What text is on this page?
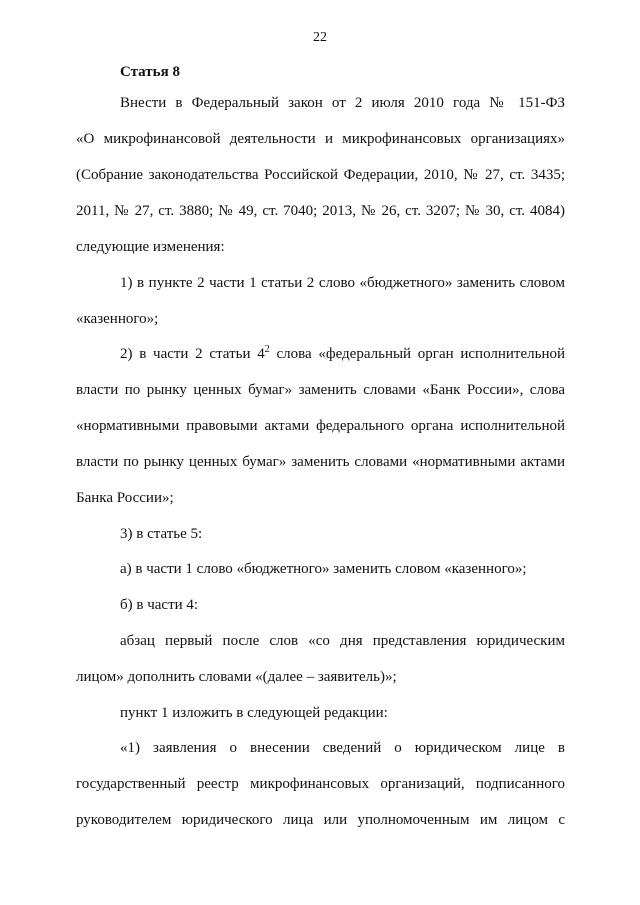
22
Статья 8
Внести в Федеральный закон от 2 июля 2010 года № 151-ФЗ
«О микрофинансовой деятельности и микрофинансовых организациях»
(Собрание законодательства Российской Федерации, 2010, № 27, ст. 3435;
2011, № 27, ст. 3880; № 49, ст. 7040; 2013, № 26, ст. 3207; № 30, ст. 4084)
следующие изменения:
1) в пункте 2 части 1 статьи 2 слово «бюджетного» заменить словом
«казенного»;
2) в части 2 статьи $4^2$ слова «федеральный орган исполнительной
власти по рынку ценных бумаг» заменить словами «Банк России», слова
«нормативными правовыми актами федерального органа исполнительной
власти по рынку ценных бумаг» заменить словами «нормативными актами
Банка России»;
3) в статье 5:
а) в части 1 слово «бюджетного» заменить словом «казенного»;
б) в части 4:
абзац первый после слов «со дня представления юридическим
лицом» дополнить словами «(далее – заявитель)»;
пункт 1 изложить в следующей редакции:
«1) заявления о внесении сведений о юридическом лице в
государственный реестр микрофинансовых организаций, подписанного
руководителем юридического лица или уполномоченным им лицом с
